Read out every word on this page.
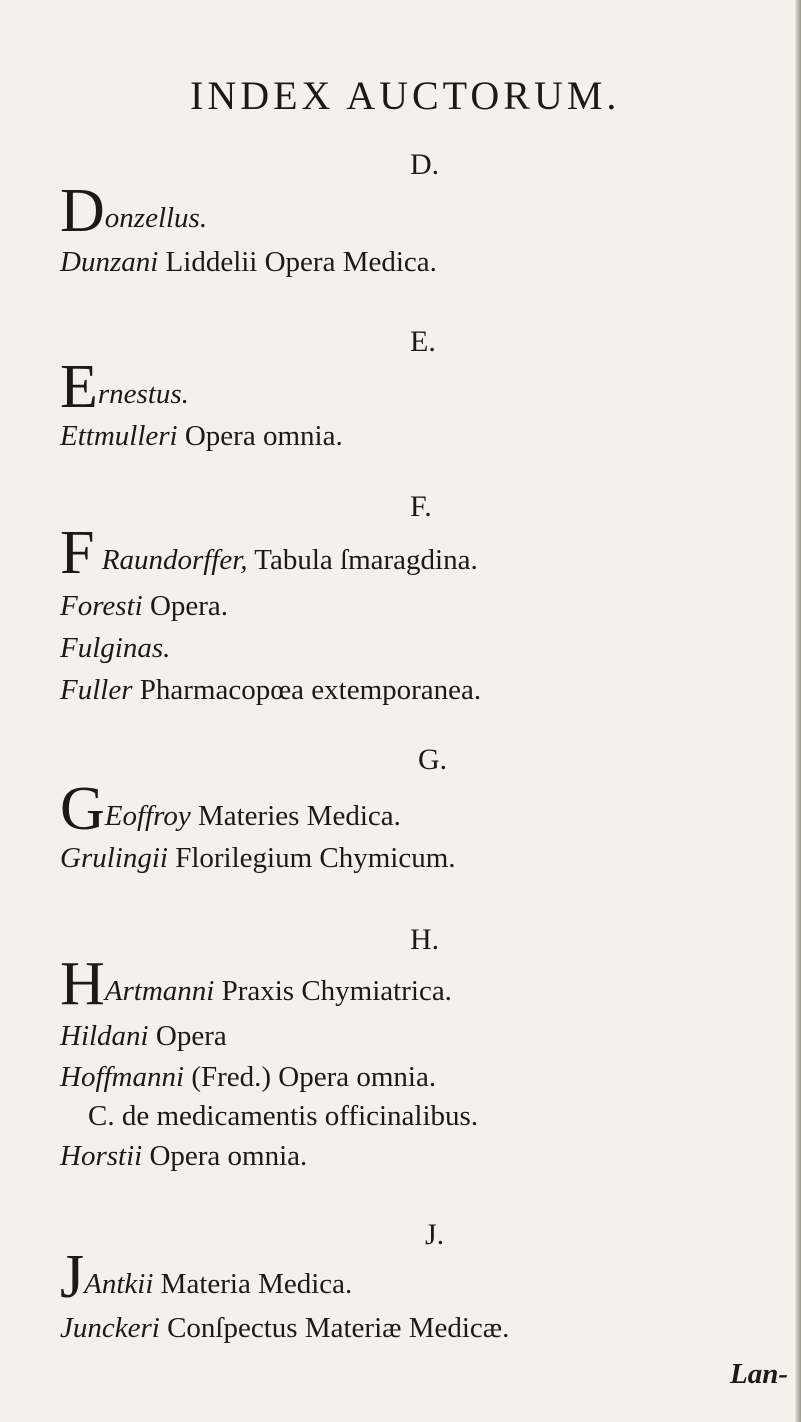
INDEX AUCTORUM.
D.
Donzellus.
Dunzani Liddelii Opera Medica.
E.
Ernestus.
Ettmulleri Opera omnia.
F.
F Raundorffer, Tabula ſmaragdina.
Foresti Opera.
Fulginas.
Fuller Pharmacopœa extemporanea.
G.
GEoffroy Materies Medica.
Grulingii Florilegium Chymicum.
H.
HArtmanni Praxis Chymiatrica.
Hildani Opera
Hoffmanni (Fred.) Opera omnia.
C. de medicamentis officinalibus.
Horstii Opera omnia.
J.
JAntkii Materia Medica.
Junckeri Conſpectus Materiæ Medicæ.
Lan-
